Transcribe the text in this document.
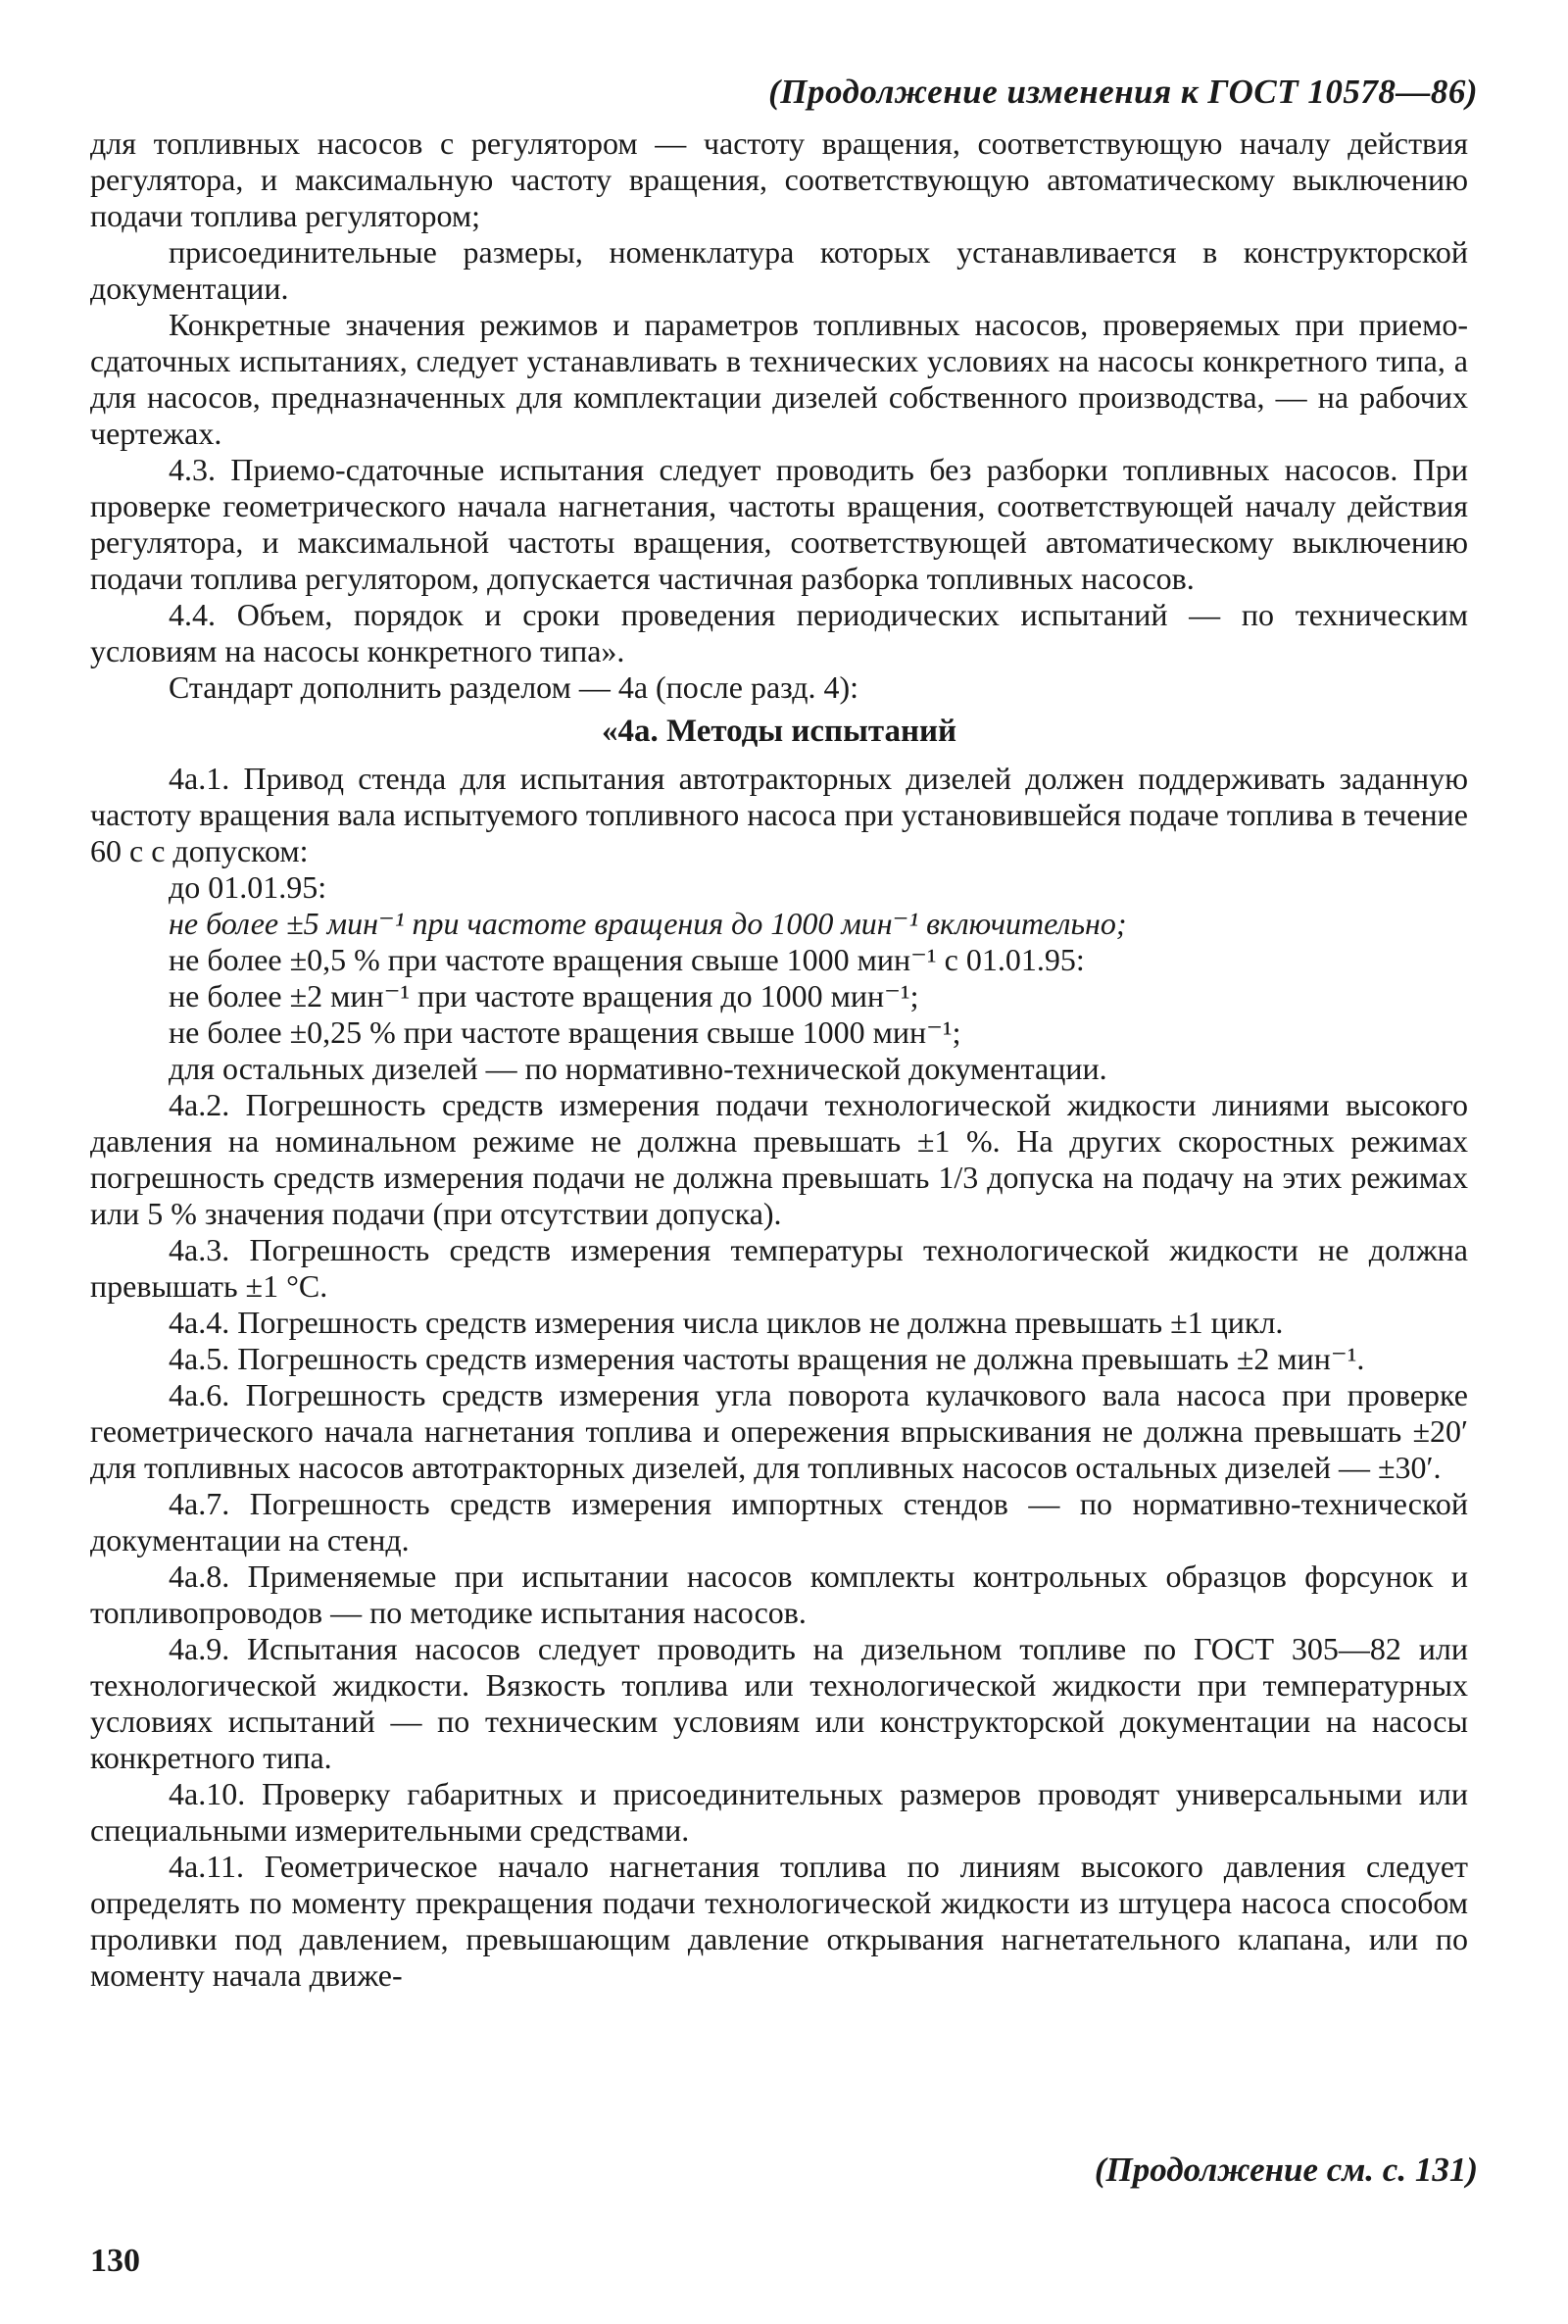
(Продолжение изменения к ГОСТ 10578—86)

для топливных насосов с регулятором — частоту вращения, соответствующую началу действия регулятора, и максимальную частоту вращения, соответствующую автоматическому выключению подачи топлива регулятором;

присоединительные размеры, номенклатура которых устанавливается в конструкторской документации.

Конкретные значения режимов и параметров топливных насосов, проверяемых при приемо-сдаточных испытаниях, следует устанавливать в технических условиях на насосы конкретного типа, а для насосов, предназначенных для комплектации дизелей собственного производства, — на рабочих чертежах.

4.3. Приемо-сдаточные испытания следует проводить без разборки топливных насосов. При проверке геометрического начала нагнетания, частоты вращения, соответствующей началу действия регулятора, и максимальной частоты вращения, соответствующей автоматическому выключению подачи топлива регулятором, допускается частичная разборка топливных насосов.

4.4. Объем, порядок и сроки проведения периодических испытаний — по техническим условиям на насосы конкретного типа».

Стандарт дополнить разделом — 4а (после разд. 4):

«4а. Методы испытаний

4а.1. Привод стенда для испытания автотракторных дизелей должен поддерживать заданную частоту вращения вала испытуемого топливного насоса при установившейся подаче топлива в течение 60 с с допуском:

до 01.01.95:

не более ±5 мин⁻¹ при частоте вращения до 1000 мин⁻¹ включительно;

не более ±0,5 % при частоте вращения свыше 1000 мин⁻¹ с 01.01.95:

не более ±2 мин⁻¹ при частоте вращения до 1000 мин⁻¹;

не более ±0,25 % при частоте вращения свыше 1000 мин⁻¹;

для остальных дизелей — по нормативно-технической документации.

4а.2. Погрешность средств измерения подачи технологической жидкости линиями высокого давления на номинальном режиме не должна превышать ±1 %. На других скоростных режимах погрешность средств измерения подачи не должна превышать 1/3 допуска на подачу на этих режимах или 5 % значения подачи (при отсутствии допуска).

4а.3. Погрешность средств измерения температуры технологической жидкости не должна превышать ±1 °С.

4а.4. Погрешность средств измерения числа циклов не должна превышать ±1 цикл.

4а.5. Погрешность средств измерения частоты вращения не должна превышать ±2 мин⁻¹.

4а.6. Погрешность средств измерения угла поворота кулачкового вала насоса при проверке геометрического начала нагнетания топлива и опережения впрыскивания не должна превышать ±20′ для топливных насосов автотракторных дизелей, для топливных насосов остальных дизелей — ±30′.

4а.7. Погрешность средств измерения импортных стендов — по нормативно-технической документации на стенд.

4а.8. Применяемые при испытании насосов комплекты контрольных образцов форсунок и топливопроводов — по методике испытания насосов.

4а.9. Испытания насосов следует проводить на дизельном топливе по ГОСТ 305—82 или технологической жидкости. Вязкость топлива или технологической жидкости при температурных условиях испытаний — по техническим условиям или конструкторской документации на насосы конкретного типа.

4а.10. Проверку габаритных и присоединительных размеров проводят универсальными или специальными измерительными средствами.

4а.11. Геометрическое начало нагнетания топлива по линиям высокого давления следует определять по моменту прекращения подачи технологической жидкости из штуцера насоса способом проливки под давлением, превышающим давление открывания нагнетательного клапана, или по моменту начала движе-

(Продолжение см. с. 131)
130
